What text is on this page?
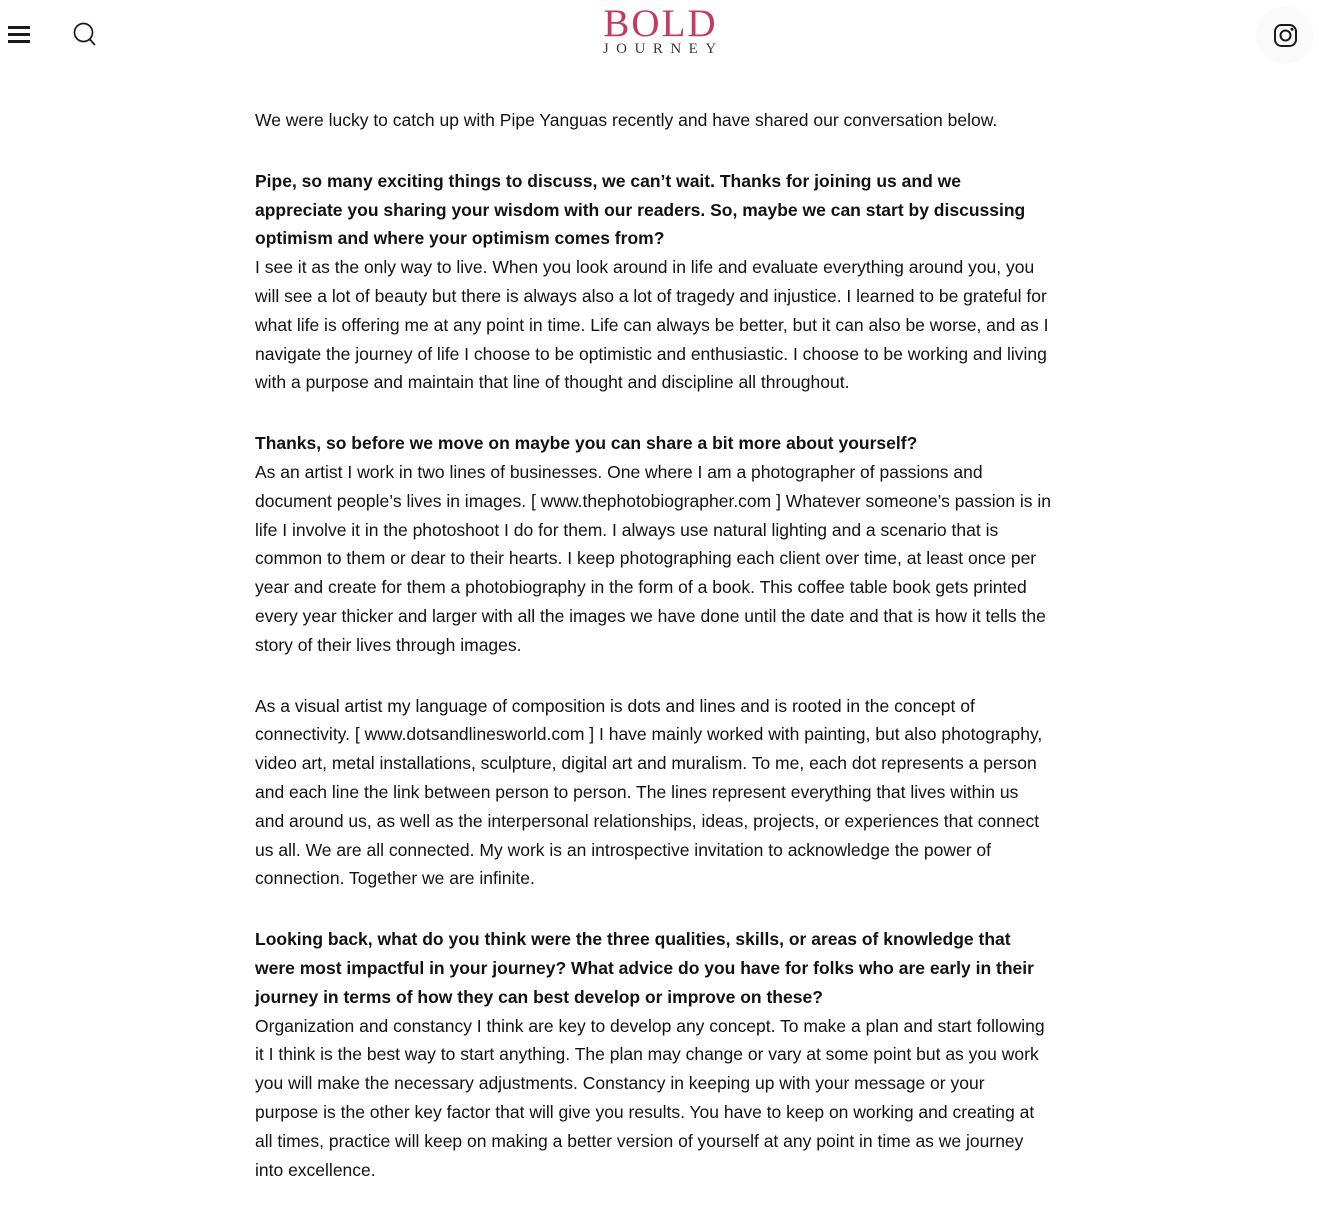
BOLD
JOURNEY

We were lucky to catch up with Pipe Yanguas recently and have shared our conversation below.

Pipe, so many exciting things to discuss, we can’t wait. Thanks for joining us and we appreciate you sharing your wisdom with our readers. So, maybe we can start by discussing optimism and where your optimism comes from?
I see it as the only way to live. When you look around in life and evaluate everything around you, you will see a lot of beauty but there is always also a lot of tragedy and injustice. I learned to be grateful for what life is offering me at any point in time. Life can always be better, but it can also be worse, and as I navigate the journey of life I choose to be optimistic and enthusiastic. I choose to be working and living with a purpose and maintain that line of thought and discipline all throughout.

Thanks, so before we move on maybe you can share a bit more about yourself?
As an artist I work in two lines of businesses. One where I am a photographer of passions and document people’s lives in images. [ www.thephotobiographer.com ] Whatever someone’s passion is in life I involve it in the photoshoot I do for them. I always use natural lighting and a scenario that is common to them or dear to their hearts. I keep photographing each client over time, at least once per year and create for them a photobiography in the form of a book. This coffee table book gets printed every year thicker and larger with all the images we have done until the date and that is how it tells the story of their lives through images.

As a visual artist my language of composition is dots and lines and is rooted in the concept of connectivity. [ www.dotsandlinesworld.com ] I have mainly worked with painting, but also photography, video art, metal installations, sculpture, digital art and muralism. To me, each dot represents a person and each line the link between person to person. The lines represent everything that lives within us and around us, as well as the interpersonal relationships, ideas, projects, or experiences that connect us all. We are all connected. My work is an introspective invitation to acknowledge the power of connection. Together we are infinite.

Looking back, what do you think were the three qualities, skills, or areas of knowledge that were most impactful in your journey? What advice do you have for folks who are early in their journey in terms of how they can best develop or improve on these?
Organization and constancy I think are key to develop any concept. To make a plan and start following it I think is the best way to start anything. The plan may change or vary at some point but as you work you will make the necessary adjustments. Constancy in keeping up with your message or your purpose is the other key factor that will give you results. You have to keep on working and creating at all times, practice will keep on making a better version of yourself at any point in time as we journey into excellence.
